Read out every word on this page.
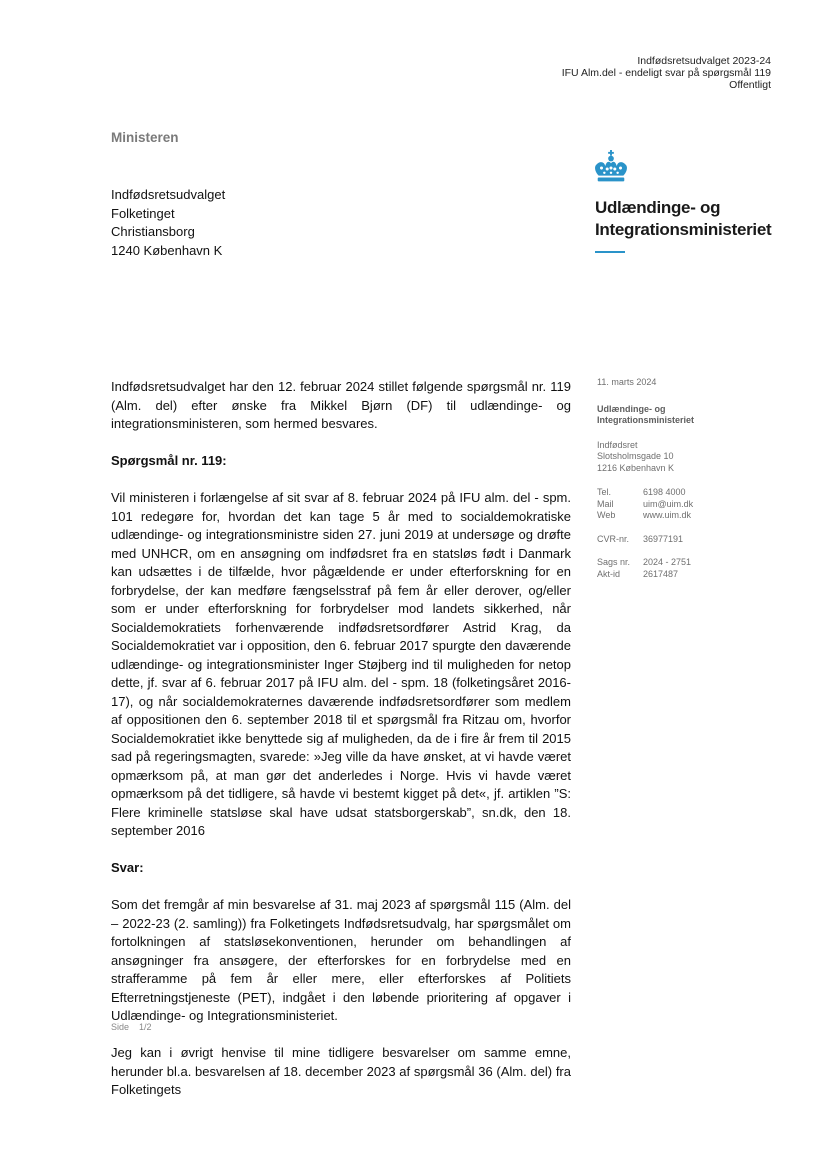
Indfødsretsudvalget 2023-24
IFU Alm.del - endeligt svar på spørgsmål 119
Offentligt
Ministeren
Indfødsretsudvalget
Folketinget
Christiansborg
1240 København K
Udlændinge- og
Integrationsministeriet
11. marts 2024
Udlændinge- og
Integrationsministeriet
Indfødsret
Slotsholmsgade 10
1216 København K
Tel.	6198 4000
Mail	uim@uim.dk
Web	www.uim.dk
CVR-nr.	36977191
Sags nr.	2024 - 2751
Akt-id	2617487

Indfødsretsudvalget har den 12. februar 2024 stillet følgende spørgsmål nr. 119 (Alm. del) efter ønske fra Mikkel Bjørn (DF) til udlændinge- og integrationsministeren, som hermed besvares.

Spørgsmål nr. 119:

Vil ministeren i forlængelse af sit svar af 8. februar 2024 på IFU alm. del - spm. 101 redegøre for, hvordan det kan tage 5 år med to socialdemokratiske udlændinge- og integrationsministre siden 27. juni 2019 at undersøge og drøfte med UNHCR, om en ansøgning om indfødsret fra en statsløs født i Danmark kan udsættes i de tilfælde, hvor pågældende er under efterforskning for en forbrydelse, der kan medføre fængselsstraf på fem år eller derover, og/eller som er under efterforskning for forbrydelser mod landets sikkerhed, når Socialdemokratiets forhenværende indfødsretsordfører Astrid Krag, da Socialdemokratiet var i opposition, den 6. februar 2017 spurgte den daværende udlændinge- og integrationsminister Inger Støjberg ind til muligheden for netop dette, jf. svar af 6. februar 2017 på IFU alm. del - spm. 18 (folketingsåret 2016-17), og når socialdemokraternes daværende indfødsretsordfører som medlem af oppositionen den 6. september 2018 til et spørgsmål fra Ritzau om, hvorfor Socialdemokratiet ikke benyttede sig af muligheden, da de i fire år frem til 2015 sad på regeringsmagten, svarede: »Jeg ville da have ønsket, at vi havde været opmærksom på, at man gør det anderledes i Norge. Hvis vi havde været opmærksom på det tidligere, så havde vi bestemt kigget på det«, jf. artiklen ”S: Flere kriminelle statsløse skal have udsat statsborgerskab”, sn.dk, den 18. september 2016

Svar:

Som det fremgår af min besvarelse af 31. maj 2023 af spørgsmål 115 (Alm. del – 2022-23 (2. samling)) fra Folketingets Indfødsretsudvalg, har spørgsmålet om fortolkningen af statsløsekonventionen, herunder om behandlingen af ansøgninger fra ansøgere, der efterforskes for en forbrydelse med en strafferamme på fem år eller mere, eller efterforskes af Politiets Efterretningstjeneste (PET), indgået i den løbende prioritering af opgaver i Udlændinge- og Integrationsministeriet.

Jeg kan i øvrigt henvise til mine tidligere besvarelser om samme emne, herunder bl.a. besvarelsen af 18. december 2023 af spørgsmål 36 (Alm. del) fra Folketingets

Side 1/2
